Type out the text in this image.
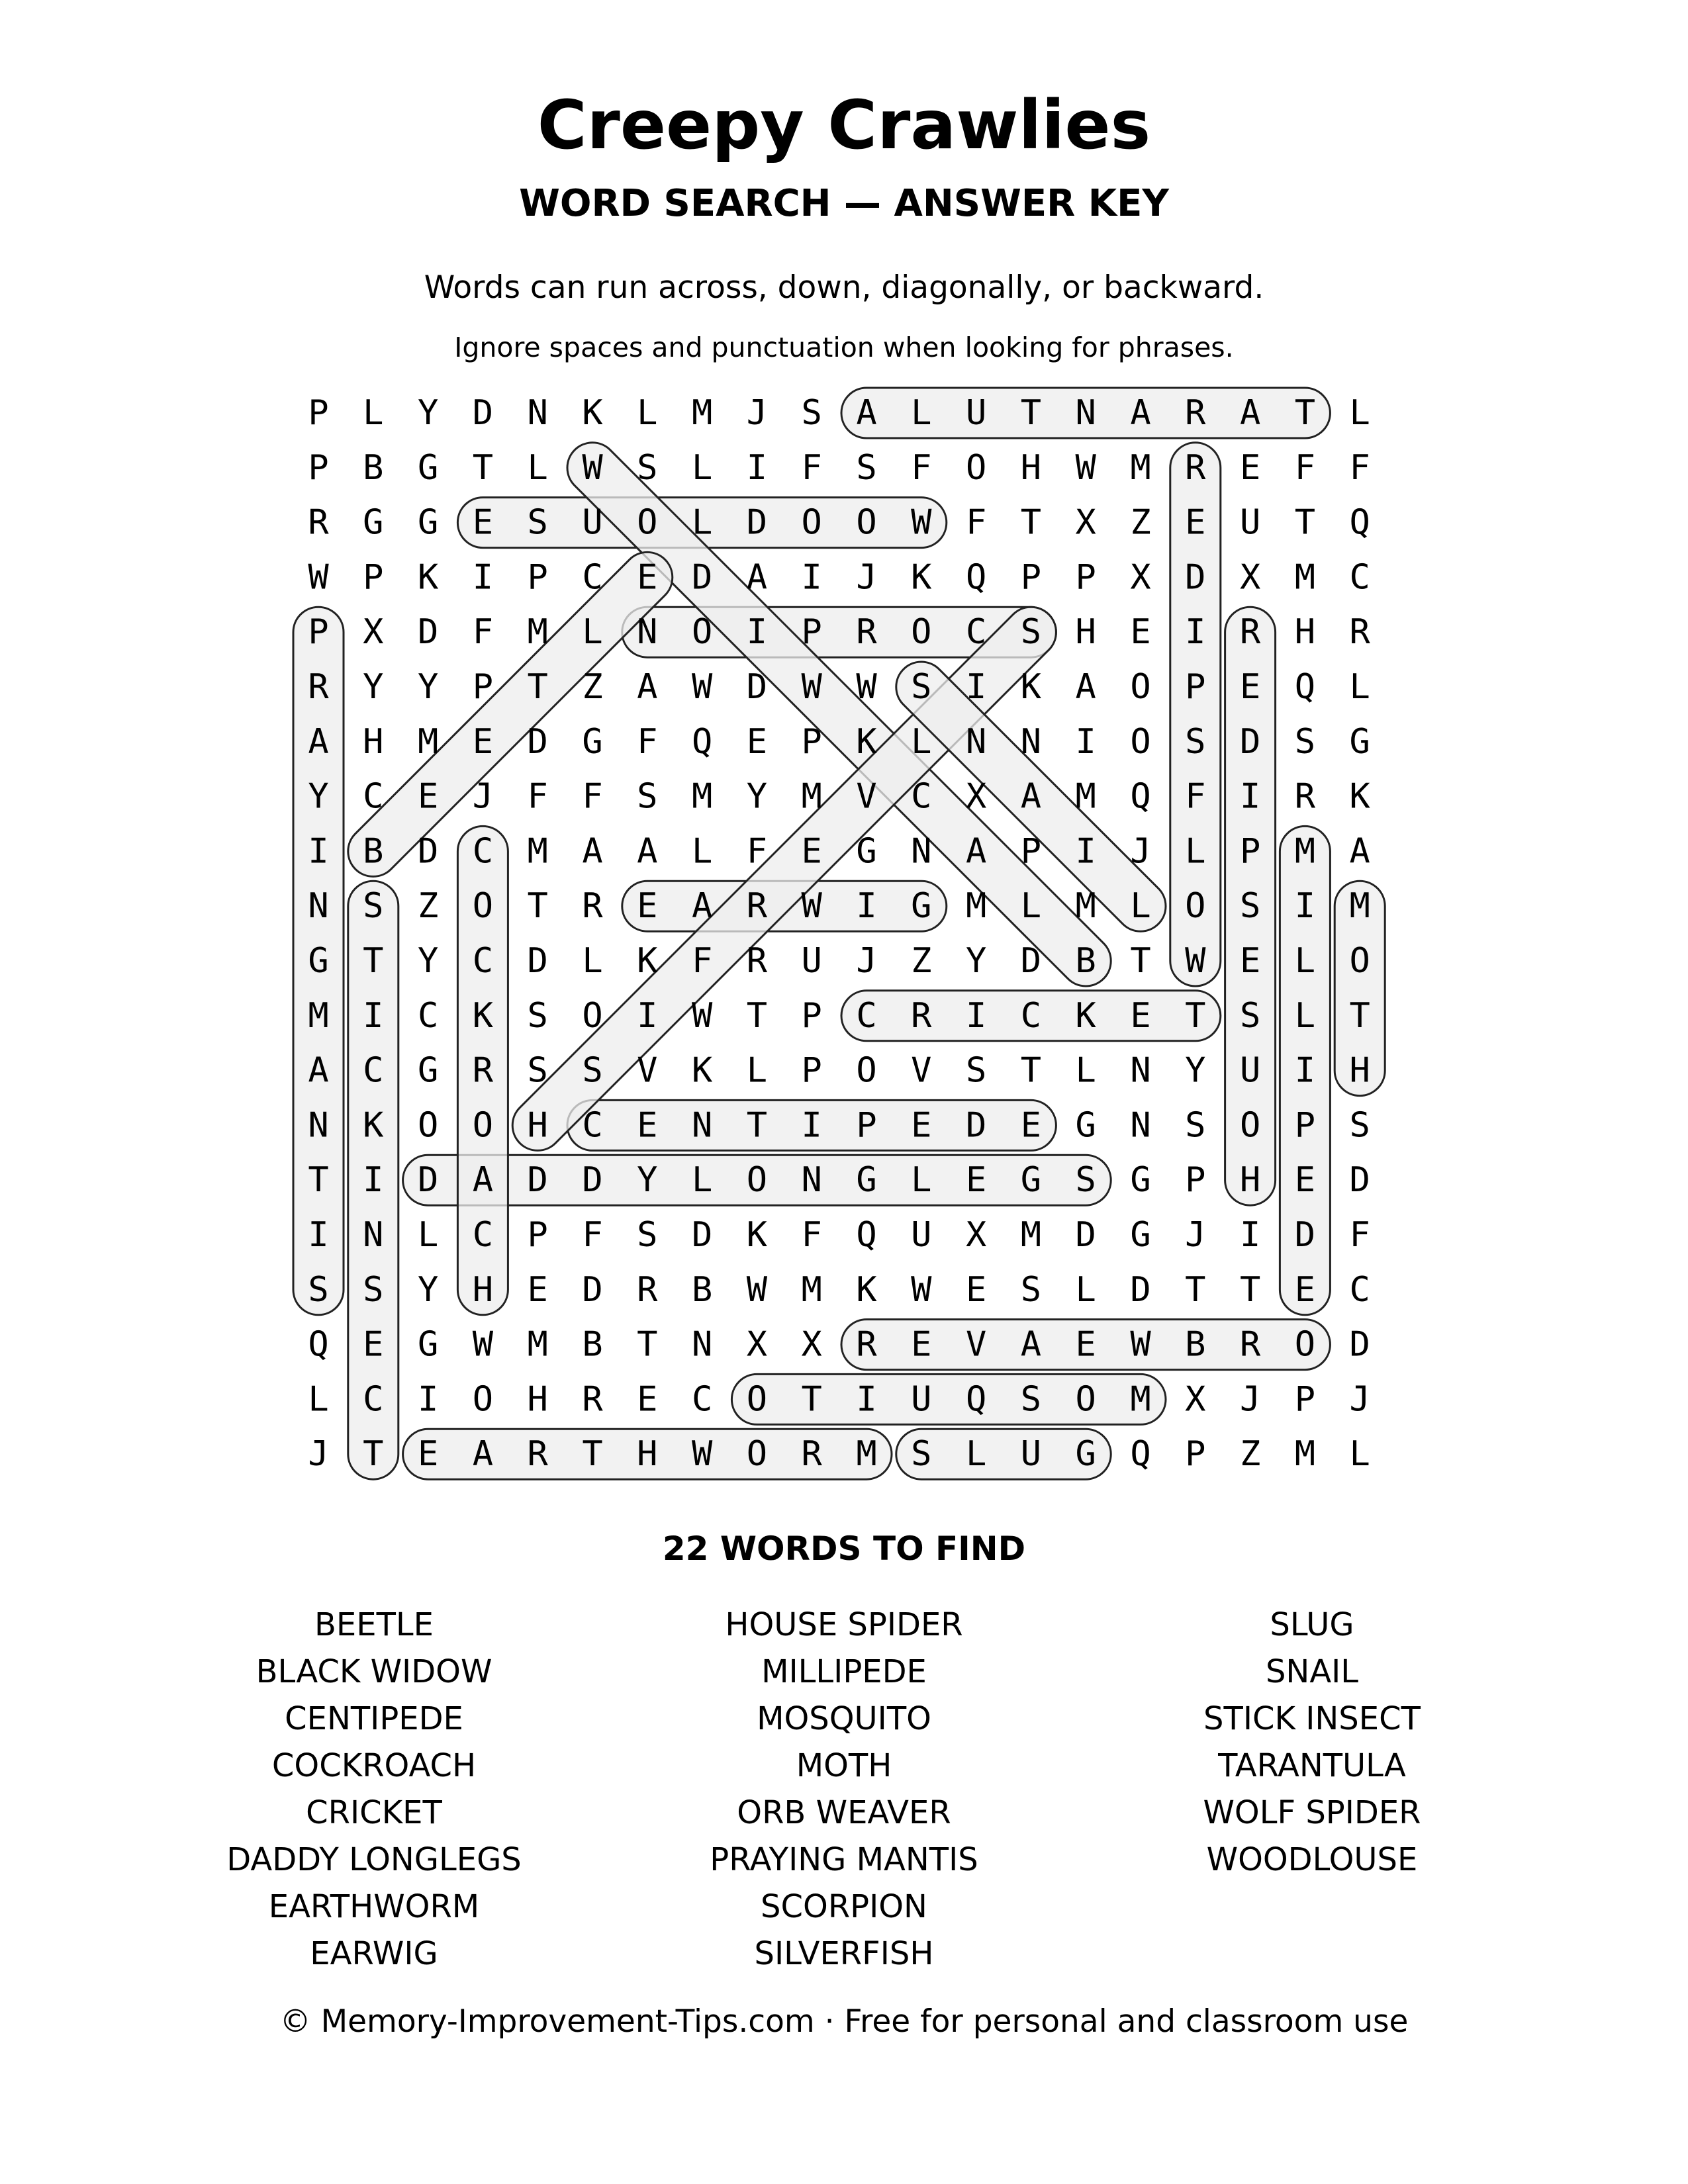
Creepy Crawlies
WORD SEARCH — ANSWER KEY
Words can run across, down, diagonally, or backward.
Ignore spaces and punctuation when looking for phrases.
P L Y D N K L M J S A L U T N A R A T L
P B G T L W S L I F S F O H W M R E F F
R G G E S U O L D O O W F T X Z E U T Q
W P K I P C E D A I J K Q P P X D X M C
P X D F M L N O I P R O C S H E I R H R
R Y Y P T Z A W D W W S I K A O P E Q L
A H M E D G F Q E P K L N N I O S D S G
Y C E J F F S M Y M V C X A M Q F I R K
I B D C M A A L F E G N A P I J L P M A
N S Z O T R E A R W I G M L M L O S I M
G T Y C D L K F R U J Z Y D B T W E L O
M I C K S O I W T P C R I C K E T S L T
A C G R S S V K L P O V S T L N Y U I H
N K O O H C E N T I P E D E G N S O P S
T I D A D D Y L O N G L E G S G P H E D
I N L C P F S D K F Q U X M D G J I D F
S S Y H E D R B W M K W E S L D T T E C
Q E G W M B T N X X R E V A E W B R O D
L C I O H R E C O T I U Q S O M X J P J
J T E A R T H W O R M S L U G Q P Z M L
22 WORDS TO FIND
BEETLE
BLACK WIDOW
CENTIPEDE
COCKROACH
CRICKET
DADDY LONGLEGS
EARTHWORM
EARWIG
HOUSE SPIDER
MILLIPEDE
MOSQUITO
MOTH
ORB WEAVER
PRAYING MANTIS
SCORPION
SILVERFISH
SLUG
SNAIL
STICK INSECT
TARANTULA
WOLF SPIDER
WOODLOUSE
© Memory-Improvement-Tips.com · Free for personal and classroom use
